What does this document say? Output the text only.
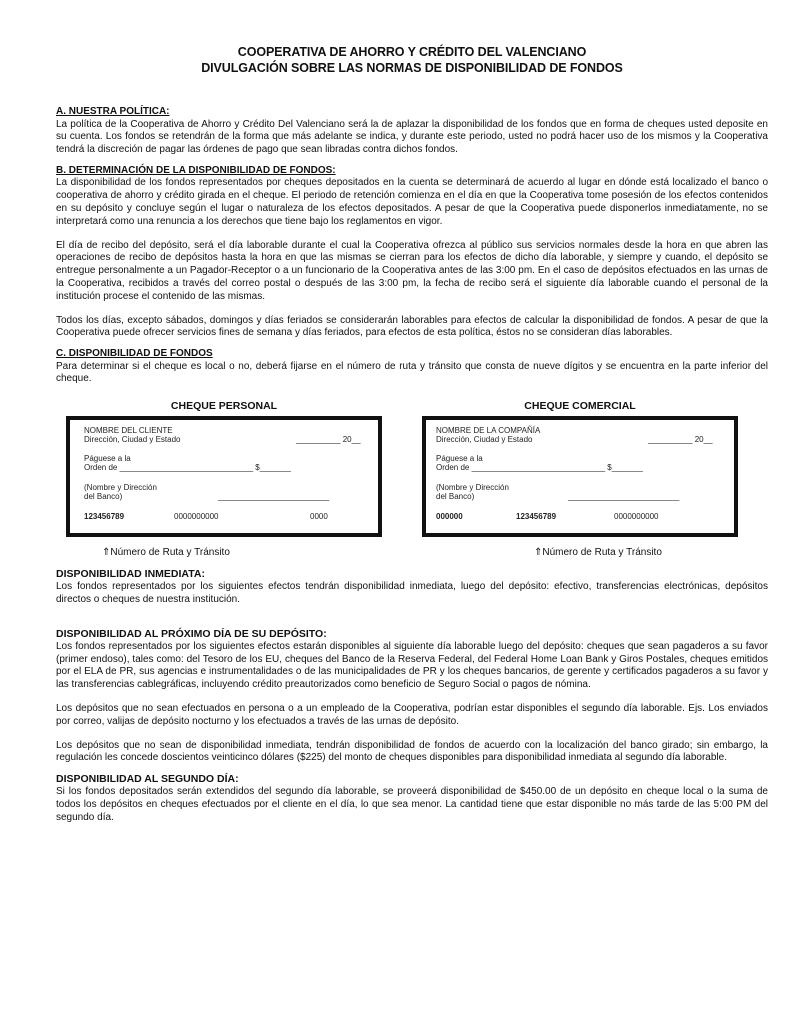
COOPERATIVA DE AHORRO Y CRÉDITO DEL VALENCIANO
DIVULGACIÓN SOBRE LAS NORMAS DE DISPONIBILIDAD DE FONDOS
A. NUESTRA POLÍTICA:

La política de la Cooperativa de Ahorro y Crédito Del Valenciano será la de aplazar la disponibilidad de los fondos que en forma de cheques usted deposite en su cuenta. Los fondos se retendrán de la forma que más adelante se indica, y durante este periodo, usted no podrá hacer uso de los mismos y la Cooperativa tendrá la discreción de pagar las órdenes de pago que sean libradas contra dichos fondos.

B. DETERMINACIÓN DE LA DISPONIBILIDAD DE FONDOS:

La disponibilidad de los fondos representados por cheques depositados en la cuenta se determinará de acuerdo al lugar en dónde está localizado el banco o cooperativa de ahorro y crédito girada en el cheque. El periodo de retención comienza en el día en que la Cooperativa tome posesión de los efectos contenidos en su depósito y concluye según el lugar o naturaleza de los efectos depositados. A pesar de que la Cooperativa puede disponerlos inmediatamente, no se interpretará como una renuncia a los derechos que tiene bajo los reglamentos en vigor.

El día de recibo del depósito, será el día laborable durante el cual la Cooperativa ofrezca al público sus servicios normales desde la hora en que abren las operaciones de recibo de depósitos hasta la hora en que las mismas se cierran para los efectos de dicho día laborable, y siempre y cuando, el depósito se entregue personalmente a un Pagador-Receptor o a un funcionario de la Cooperativa antes de las 3:00 pm. En el caso de depósitos efectuados en las urnas de la Cooperativa, recibidos a través del correo postal o después de las 3:00 pm, la fecha de recibo será el siguiente día laborable cuando el personal de la institución procese el contenido de las mismas.

Todos los días, excepto sábados, domingos y días feriados se considerarán laborables para efectos de calcular la disponibilidad de fondos. A pesar de que la Cooperativa puede ofrecer servicios fines de semana y días feriados, para efectos de esta política, éstos no se consideran días laborables.

C. DISPONIBILIDAD DE FONDOS

Para determinar si el cheque es local o no, deberá fijarse en el número de ruta y tránsito que consta de nueve dígitos y se encuentra en la parte inferior del cheque.

CHEQUE PERSONAL
NOMBRE DEL CLIENTE
Dirección, Ciudad y Estado	__________ 20__
Páguese a la
Orden de ______________________________ $_______
(Nombre y Dirección
del Banco)	_________________________
123456789	0000000000	0000
CHEQUE COMERCIAL
NOMBRE DE LA COMPAÑÍA
Dirección, Ciudad y Estado	__________ 20__
Páguese a la
Orden de ______________________________ $_______
(Nombre y Dirección
del Banco)	_________________________
000000	123456789	0000000000
⇑Número de Ruta y Tránsito	⇑Número de Ruta y Tránsito
DISPONIBILIDAD INMEDIATA:

Los fondos representados por los siguientes efectos tendrán disponibilidad inmediata, luego del depósito: efectivo, transferencias electrónicas, depósitos directos o cheques de nuestra institución.

DISPONIBILIDAD AL PRÓXIMO DÍA DE SU DEPÓSITO:

Los fondos representados por los siguientes efectos estarán disponibles al siguiente día laborable luego del depósito: cheques que sean pagaderos a su favor (primer endoso), tales como: del Tesoro de los EU, cheques del Banco de la Reserva Federal, del Federal Home Loan Bank y Giros Postales, cheques emitidos por el ELA de PR, sus agencias e instrumentalidades o de las municipalidades de PR y los cheques bancarios, de gerente y certificados pagaderos a su favor y las transferencias cablegráficas, incluyendo crédito preautorizados como beneficio de Seguro Social o pagos de nómina.

Los depósitos que no sean efectuados en persona o a un empleado de la Cooperativa, podrían estar disponibles el segundo día laborable. Ejs. Los enviados por correo, valijas de depósito nocturno y los efectuados a través de las urnas de depósito.

Los depósitos que no sean de disponibilidad inmediata, tendrán disponibilidad de fondos de acuerdo con la localización del banco girado; sin embargo, la regulación les concede doscientos veinticinco dólares ($225) del monto de cheques disponibles para disponibilidad inmediata al segundo día laborable.

DISPONIBILIDAD AL SEGUNDO DÍA:

Si los fondos depositados serán extendidos del segundo día laborable, se proveerá disponibilidad de $450.00 de un depósito en cheque local o la suma de todos los depósitos en cheques efectuados por el cliente en el día, lo que sea menor. La cantidad tiene que estar disponible no más tarde de las 5:00 PM del segundo día.
